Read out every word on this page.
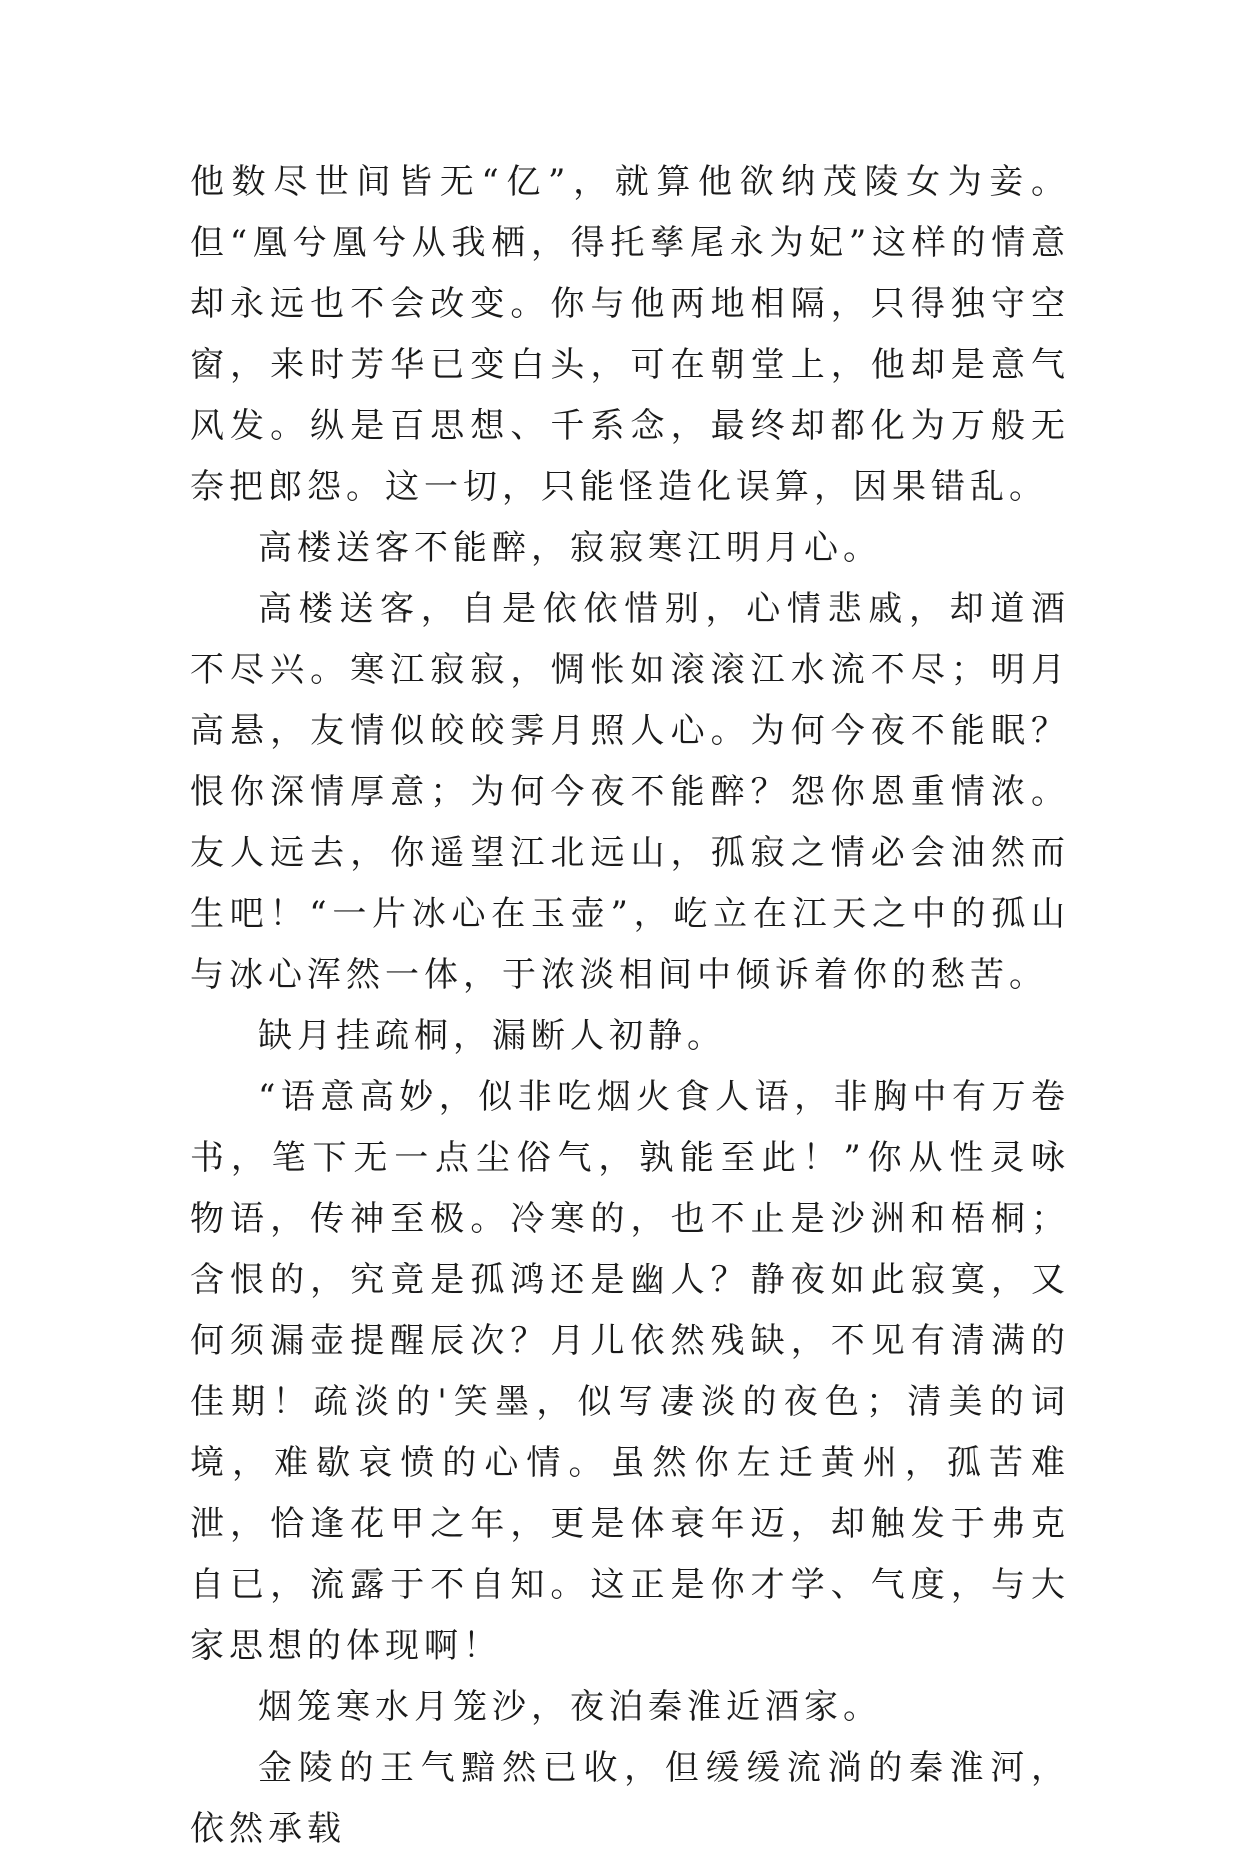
他数尽世间皆无“亿”，就算他欲纳茂陵女为妾。但“凰兮凰兮从我栖，得托孳尾永为妃”这样的情意却永远也不会改变。你与他两地相隔，只得独守空窗，来时芳华已变白头，可在朝堂上，他却是意气风发。纵是百思想、千系念，最终却都化为万般无奈把郎怨。这一切，只能怪造化误算，因果错乱。

高楼送客不能醉，寂寂寒江明月心。

高楼送客，自是依依惜别，心情悲戚，却道酒不尽兴。寒江寂寂，惆怅如滚滚江水流不尽；明月高悬，友情似皎皎霁月照人心。为何今夜不能眠？恨你深情厚意；为何今夜不能醉？怨你恩重情浓。友人远去，你遥望江北远山，孤寂之情必会油然而生吧！“一片冰心在玉壶”，屹立在江天之中的孤山与冰心浑然一体，于浓淡相间中倾诉着你的愁苦。

缺月挂疏桐，漏断人初静。

“语意高妙，似非吃烟火食人语，非胸中有万卷书，笔下无一点尘俗气，孰能至此！”你从性灵咏物语，传神至极。冷寒的，也不止是沙洲和梧桐；含恨的，究竟是孤鸿还是幽人？静夜如此寂寞，又何须漏壶提醒辰次？月儿依然残缺，不见有清满的佳期！疏淡的'笑墨，似写凄淡的夜色；清美的词境，难歇哀愤的心情。虽然你左迁黄州，孤苦难泄，恰逢花甲之年，更是体衰年迈，却触发于弗克自已，流露于不自知。这正是你才学、气度，与大家思想的体现啊！

烟笼寒水月笼沙，夜泊秦淮近酒家。

金陵的王气黯然已收，但缓缓流淌的秦淮河，依然承载
